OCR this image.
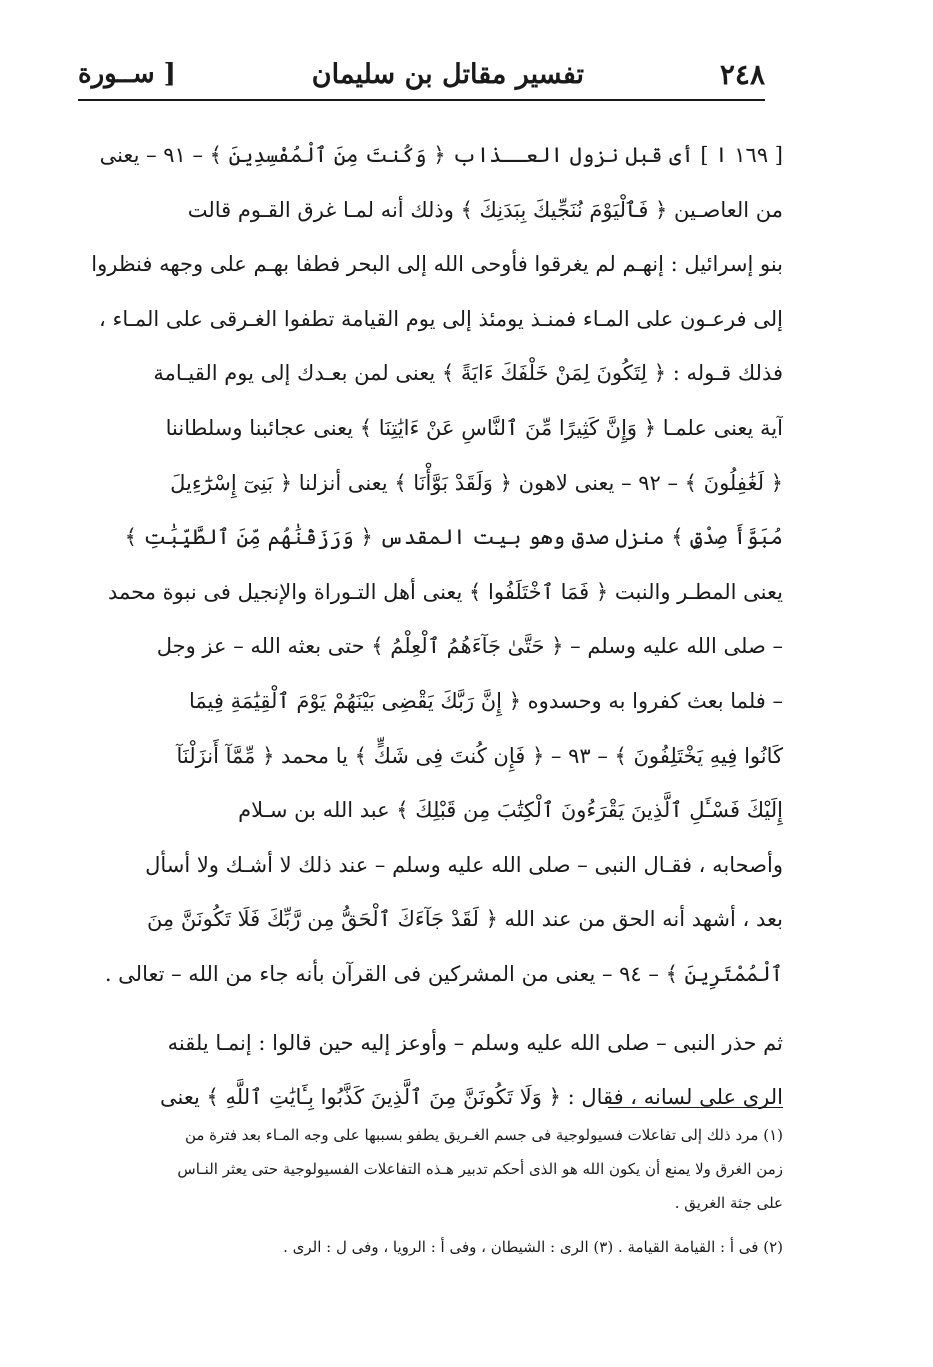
٢٤٨
تفسير مقاتل بن سليمان
[ ســورة
[ ١٦٩ ا ] أى قبل نزول العــذاب ﴿ وَكُنتَ مِنَ ٱلْمُفْسِدِينَ ﴾ – ٩١ – يعنى
من العاصـين ﴿ فَٱلْيَوْمَ نُنَجِّيكَ بِبَدَنِكَ ﴾ وذلك أنه لمـا غرق القـوم قالت
بنو إسرائيل : إنهـم لم يغرقوا فأوحى الله إلى البحر فطفا بهـم على وجهه فنظروا
إلى فرعـون على المـاء فمنـذ يومئذ إلى يوم القيامة تطفوا الغـرقى على المـاء ،
فذلك قـوله : ﴿ لِتَكُونَ لِمَنْ خَلْفَكَ ءَايَةً ﴾ يعنى لمن بعـدك إلى يوم القيـامة
آية يعنى علمـا ﴿ وَإِنَّ كَثِيرًا مِّنَ ٱلنَّاسِ عَنْ ءَايَٰتِنَا ﴾ يعنى عجائبنا وسلطاننا
﴿ لَغَٰفِلُونَ ﴾ – ٩٢ – يعنى لاهون ﴿ وَلَقَدْ بَوَّأْنَا ﴾ يعنى أنزلنا ﴿ بَنِىٓ إِسْرَٰٓءِيلَ
مُبَوَّأَ صِدْقٍ ﴾ منزل صدق وهو بيت المقدس ﴿ وَرَزَقْنَٰهُم مِّنَ ٱلطَّيِّبَٰتِ ﴾
يعنى المطـر والنبت ﴿ فَمَا ٱخْتَلَفُوا ﴾ يعنى أهل التـوراة والإنجيل فى نبوة محمد
– صلى الله عليه وسلم – ﴿ حَتَّىٰ جَآءَهُمُ ٱلْعِلْمُ ﴾ حتى بعثه الله – عز وجل
– فلما بعث كفروا به وحسدوه ﴿ إِنَّ رَبَّكَ يَقْضِى بَيْنَهُمْ يَوْمَ ٱلْقِيَٰمَةِ فِيمَا
كَانُوا فِيهِ يَخْتَلِفُونَ ﴾ – ٩٣ – ﴿ فَإِن كُنتَ فِى شَكٍّ ﴾ يا محمد ﴿ مِّمَّآ أَنزَلْنَآ
إِلَيْكَ فَسْـَٔلِ ٱلَّذِينَ يَقْرَءُونَ ٱلْكِتَٰبَ مِن قَبْلِكَ ﴾ عبد الله بن سـلام
وأصحابه ، فقـال النبى – صلى الله عليه وسلم – عند ذلك لا أشـك ولا أسأل
بعد ، أشهد أنه الحق من عند الله ﴿ لَقَدْ جَآءَكَ ٱلْحَقُّ مِن رَّبِّكَ فَلَا تَكُونَنَّ مِنَ
ٱلْمُمْتَرِينَ ﴾ – ٩٤ – يعنى من المشركين فى القرآن بأنه جاء من الله – تعالى .
ثم حذر النبى – صلى الله عليه وسلم – وأوعز إليه حين قالوا : إنمـا يلقنه
الرى على لسانه ، فقال : ﴿ وَلَا تَكُونَنَّ مِنَ ٱلَّذِينَ كَذَّبُوا بِـَٔايَٰتِ ٱللَّهِ ﴾ يعنى
(١) مرد ذلك إلى تفاعلات فسيولوجية فى جسم الغـريق يطفو بسببها على وجه المـاء بعد فترة من
زمن الغرق ولا يمنع أن يكون الله هو الذى أحكم تدبير هـذه التفاعلات الفسيولوجية حتى يعثر النـاس
على جثة الغريق .
(٢) فى أ : القيامة القيامة . (٣) الرى : الشيطان ، وفى أ : الرويا ، وفى ل : الرى .
